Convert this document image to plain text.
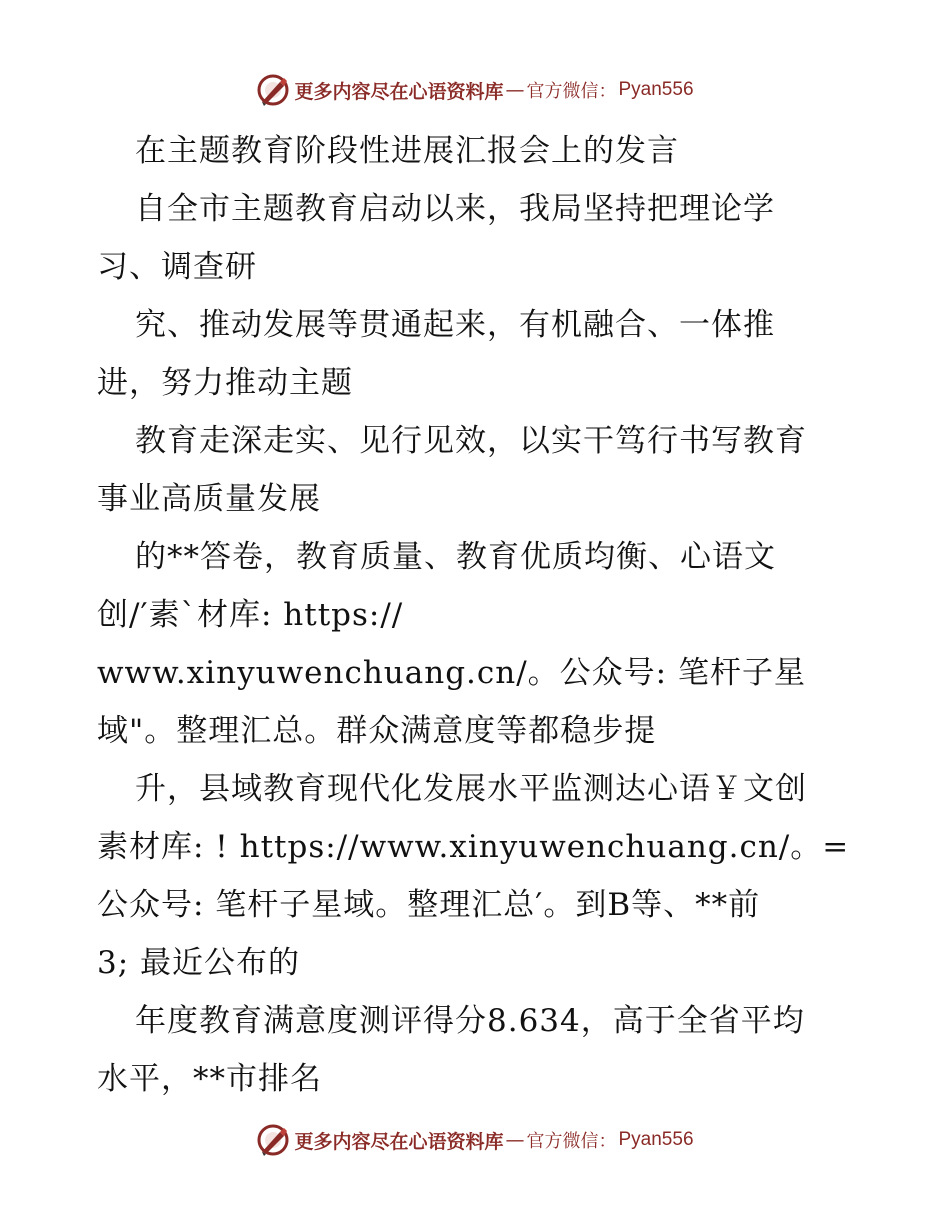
更多内容尽在心语资料库 — 官方微信： Pyan556
在主题教育阶段性进展汇报会上的发言
自全市主题教育启动以来，我局坚持把理论学
习、调查研
究、推动发展等贯通起来，有机融合、一体推
进，努力推动主题
教育走深走实、见行见效，以实干笃行书写教育
事业高质量发展
的**答卷，教育质量、教育优质均衡、心语文
创/′素`材库: https://
www.xinyuwenchuang.cn/。公众号: 笔杆子星
域"。整理汇总。群众满意度等都稳步提
升，县域教育现代化发展水平监测达心语￥文创
素材库: ! https://www.xinyuwenchuang.cn/。=
公众号: 笔杆子星域。整理汇总′。到B等、**前
3; 最近公布的
年度教育满意度测评得分8.634，高于全省平均
水平，**市排名
更多内容尽在心语资料库 — 官方微信： Pyan556
